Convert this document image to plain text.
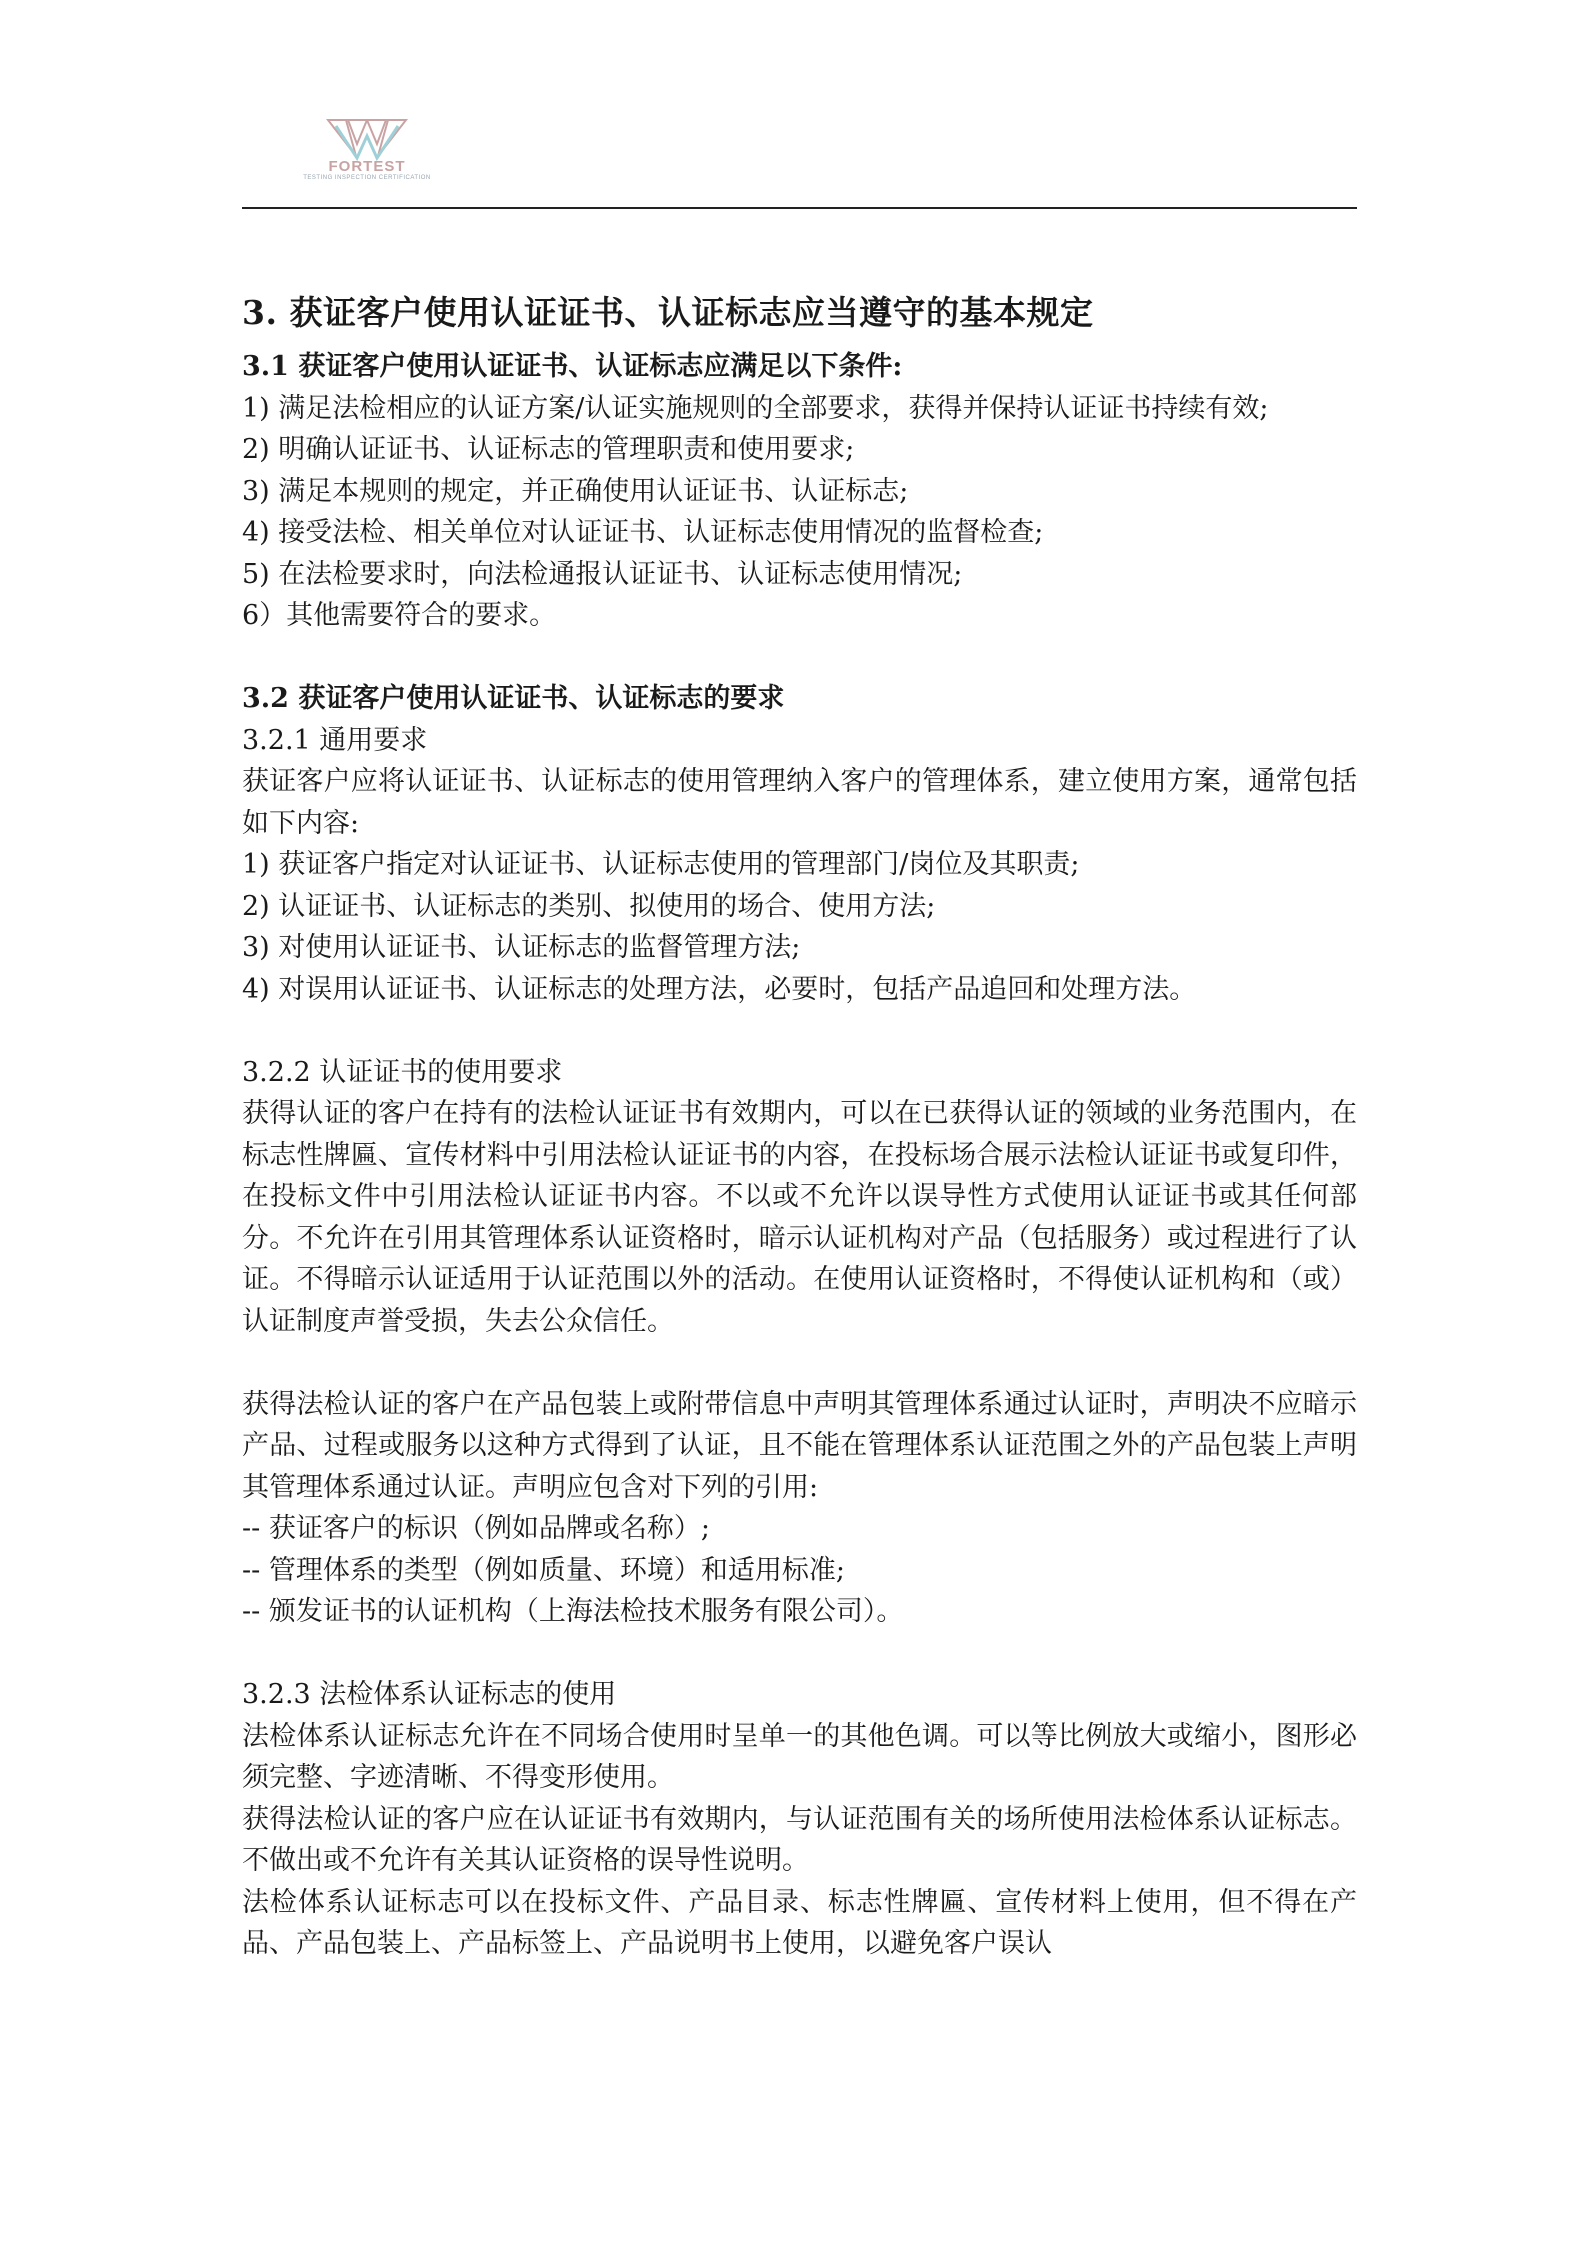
FORTEST
TESTING INSPECTION CERTIFICATION
3. 获证客户使用认证证书、认证标志应当遵守的基本规定

3.1 获证客户使用认证证书、认证标志应满足以下条件:

1) 满足法检相应的认证方案/认证实施规则的全部要求，获得并保持认证证书持续有效;

2) 明确认证证书、认证标志的管理职责和使用要求;

3) 满足本规则的规定，并正确使用认证证书、认证标志;

4) 接受法检、相关单位对认证证书、认证标志使用情况的监督检查;

5) 在法检要求时，向法检通报认证证书、认证标志使用情况;

6）其他需要符合的要求。

3.2 获证客户使用认证证书、认证标志的要求

3.2.1 通用要求

获证客户应将认证证书、认证标志的使用管理纳入客户的管理体系，建立使用方案，通常包括如下内容:

1) 获证客户指定对认证证书、认证标志使用的管理部门/岗位及其职责;

2) 认证证书、认证标志的类别、拟使用的场合、使用方法;

3) 对使用认证证书、认证标志的监督管理方法;

4) 对误用认证证书、认证标志的处理方法，必要时，包括产品追回和处理方法。

3.2.2 认证证书的使用要求

获得认证的客户在持有的法检认证证书有效期内，可以在已获得认证的领域的业务范围内，在标志性牌匾、宣传材料中引用法检认证证书的内容，在投标场合展示法检认证证书或复印件，在投标文件中引用法检认证证书内容。不以或不允许以误导性方式使用认证证书或其任何部分。不允许在引用其管理体系认证资格时，暗示认证机构对产品（包括服务）或过程进行了认证。不得暗示认证适用于认证范围以外的活动。在使用认证资格时，不得使认证机构和（或）认证制度声誉受损，失去公众信任。

获得法检认证的客户在产品包装上或附带信息中声明其管理体系通过认证时，声明决不应暗示产品、过程或服务以这种方式得到了认证，且不能在管理体系认证范围之外的产品包装上声明其管理体系通过认证。声明应包含对下列的引用:

-- 获证客户的标识（例如品牌或名称）;

-- 管理体系的类型（例如质量、环境）和适用标准;

-- 颁发证书的认证机构（上海法检技术服务有限公司）。

3.2.3 法检体系认证标志的使用

法检体系认证标志允许在不同场合使用时呈单一的其他色调。可以等比例放大或缩小，图形必须完整、字迹清晰、不得变形使用。

获得法检认证的客户应在认证证书有效期内，与认证范围有关的场所使用法检体系认证标志。不做出或不允许有关其认证资格的误导性说明。

法检体系认证标志可以在投标文件、产品目录、标志性牌匾、宣传材料上使用，但不得在产品、产品包装上、产品标签上、产品说明书上使用，以避免客户误认
